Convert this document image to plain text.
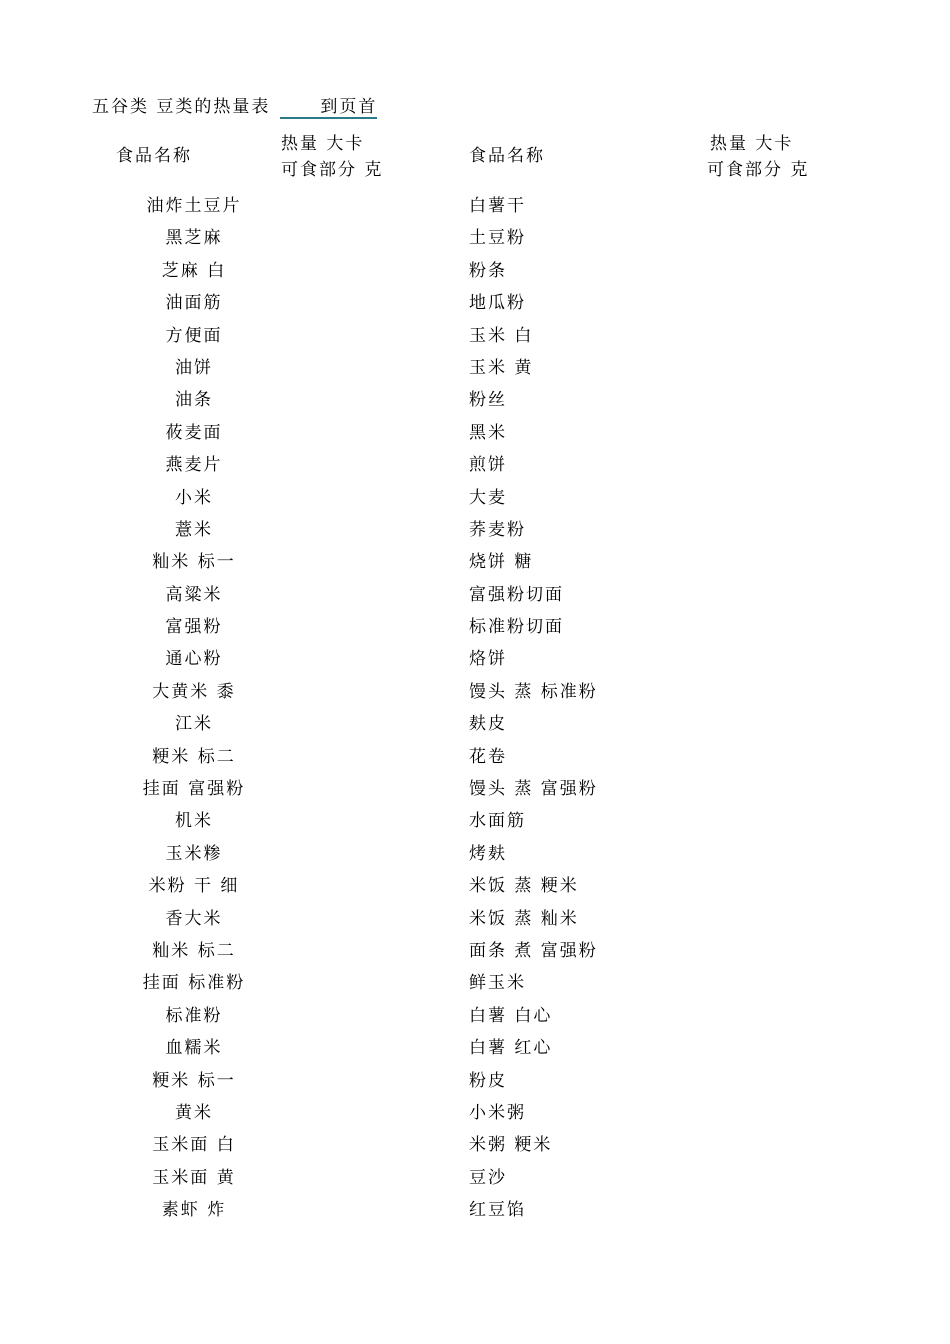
五谷类 豆类的热量表	到页首
食品名称
热量 大卡
可食部分 克
食品名称
热量 大卡
可食部分 克
油炸土豆片
黑芝麻
芝麻 白
油面筋
方便面
油饼
油条
莜麦面
燕麦片
小米
薏米
籼米 标一
高粱米
富强粉
通心粉
大黄米 黍
江米
粳米 标二
挂面 富强粉
机米
玉米糁
米粉 干 细
香大米
籼米 标二
挂面 标准粉
标准粉
血糯米
粳米 标一
黄米
玉米面 白
玉米面 黄
素虾 炸
白薯干
土豆粉
粉条
地瓜粉
玉米 白
玉米 黄
粉丝
黑米
煎饼
大麦
荞麦粉
烧饼 糖
富强粉切面
标准粉切面
烙饼
馒头 蒸 标准粉
麸皮
花卷
馒头 蒸 富强粉
水面筋
烤麸
米饭 蒸 粳米
米饭 蒸 籼米
面条 煮 富强粉
鲜玉米
白薯 白心
白薯 红心
粉皮
小米粥
米粥 粳米
豆沙
红豆馅
